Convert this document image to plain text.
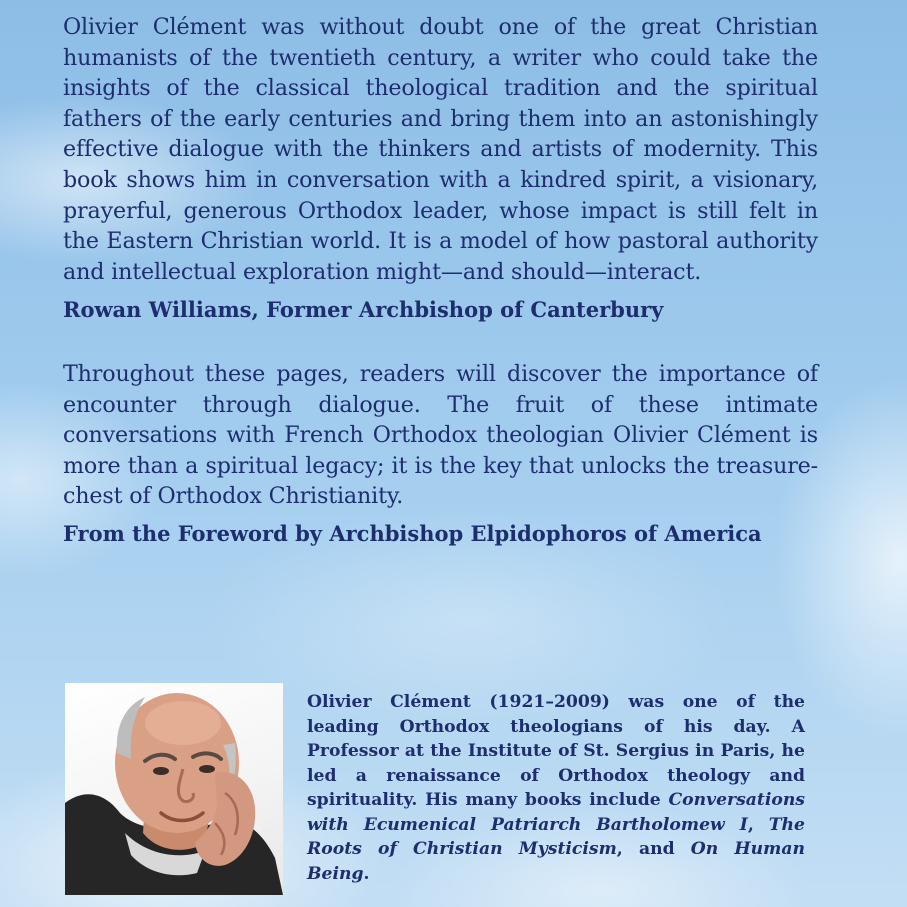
Olivier Clément was without doubt one of the great Christian humanists of the twentieth century, a writer who could take the insights of the classical theological tradition and the spiritual fathers of the early centuries and bring them into an astonishingly effective dialogue with the thinkers and artists of modernity. This book shows him in conversation with a kindred spirit, a visionary, prayerful, generous Orthodox leader, whose impact is still felt in the Eastern Christian world. It is a model of how pastoral authority and intellectual exploration might—and should—interact.

Rowan Williams, Former Archbishop of Canterbury

Throughout these pages, readers will discover the importance of encounter through dialogue. The fruit of these intimate conversations with French Orthodox theologian Olivier Clément is more than a spiritual legacy; it is the key that unlocks the treasure-chest of Orthodox Christianity.

From the Foreword by Archbishop Elpidophoros of America

Olivier Clément (1921–2009) was one of the leading Orthodox theologians of his day. A Professor at the Institute of St. Sergius in Paris, he led a renaissance of Orthodox theology and spirituality. His many books include Conversations with Ecumenical Patriarch Bartholomew I, The Roots of Christian Mysticism, and On Human Being.
